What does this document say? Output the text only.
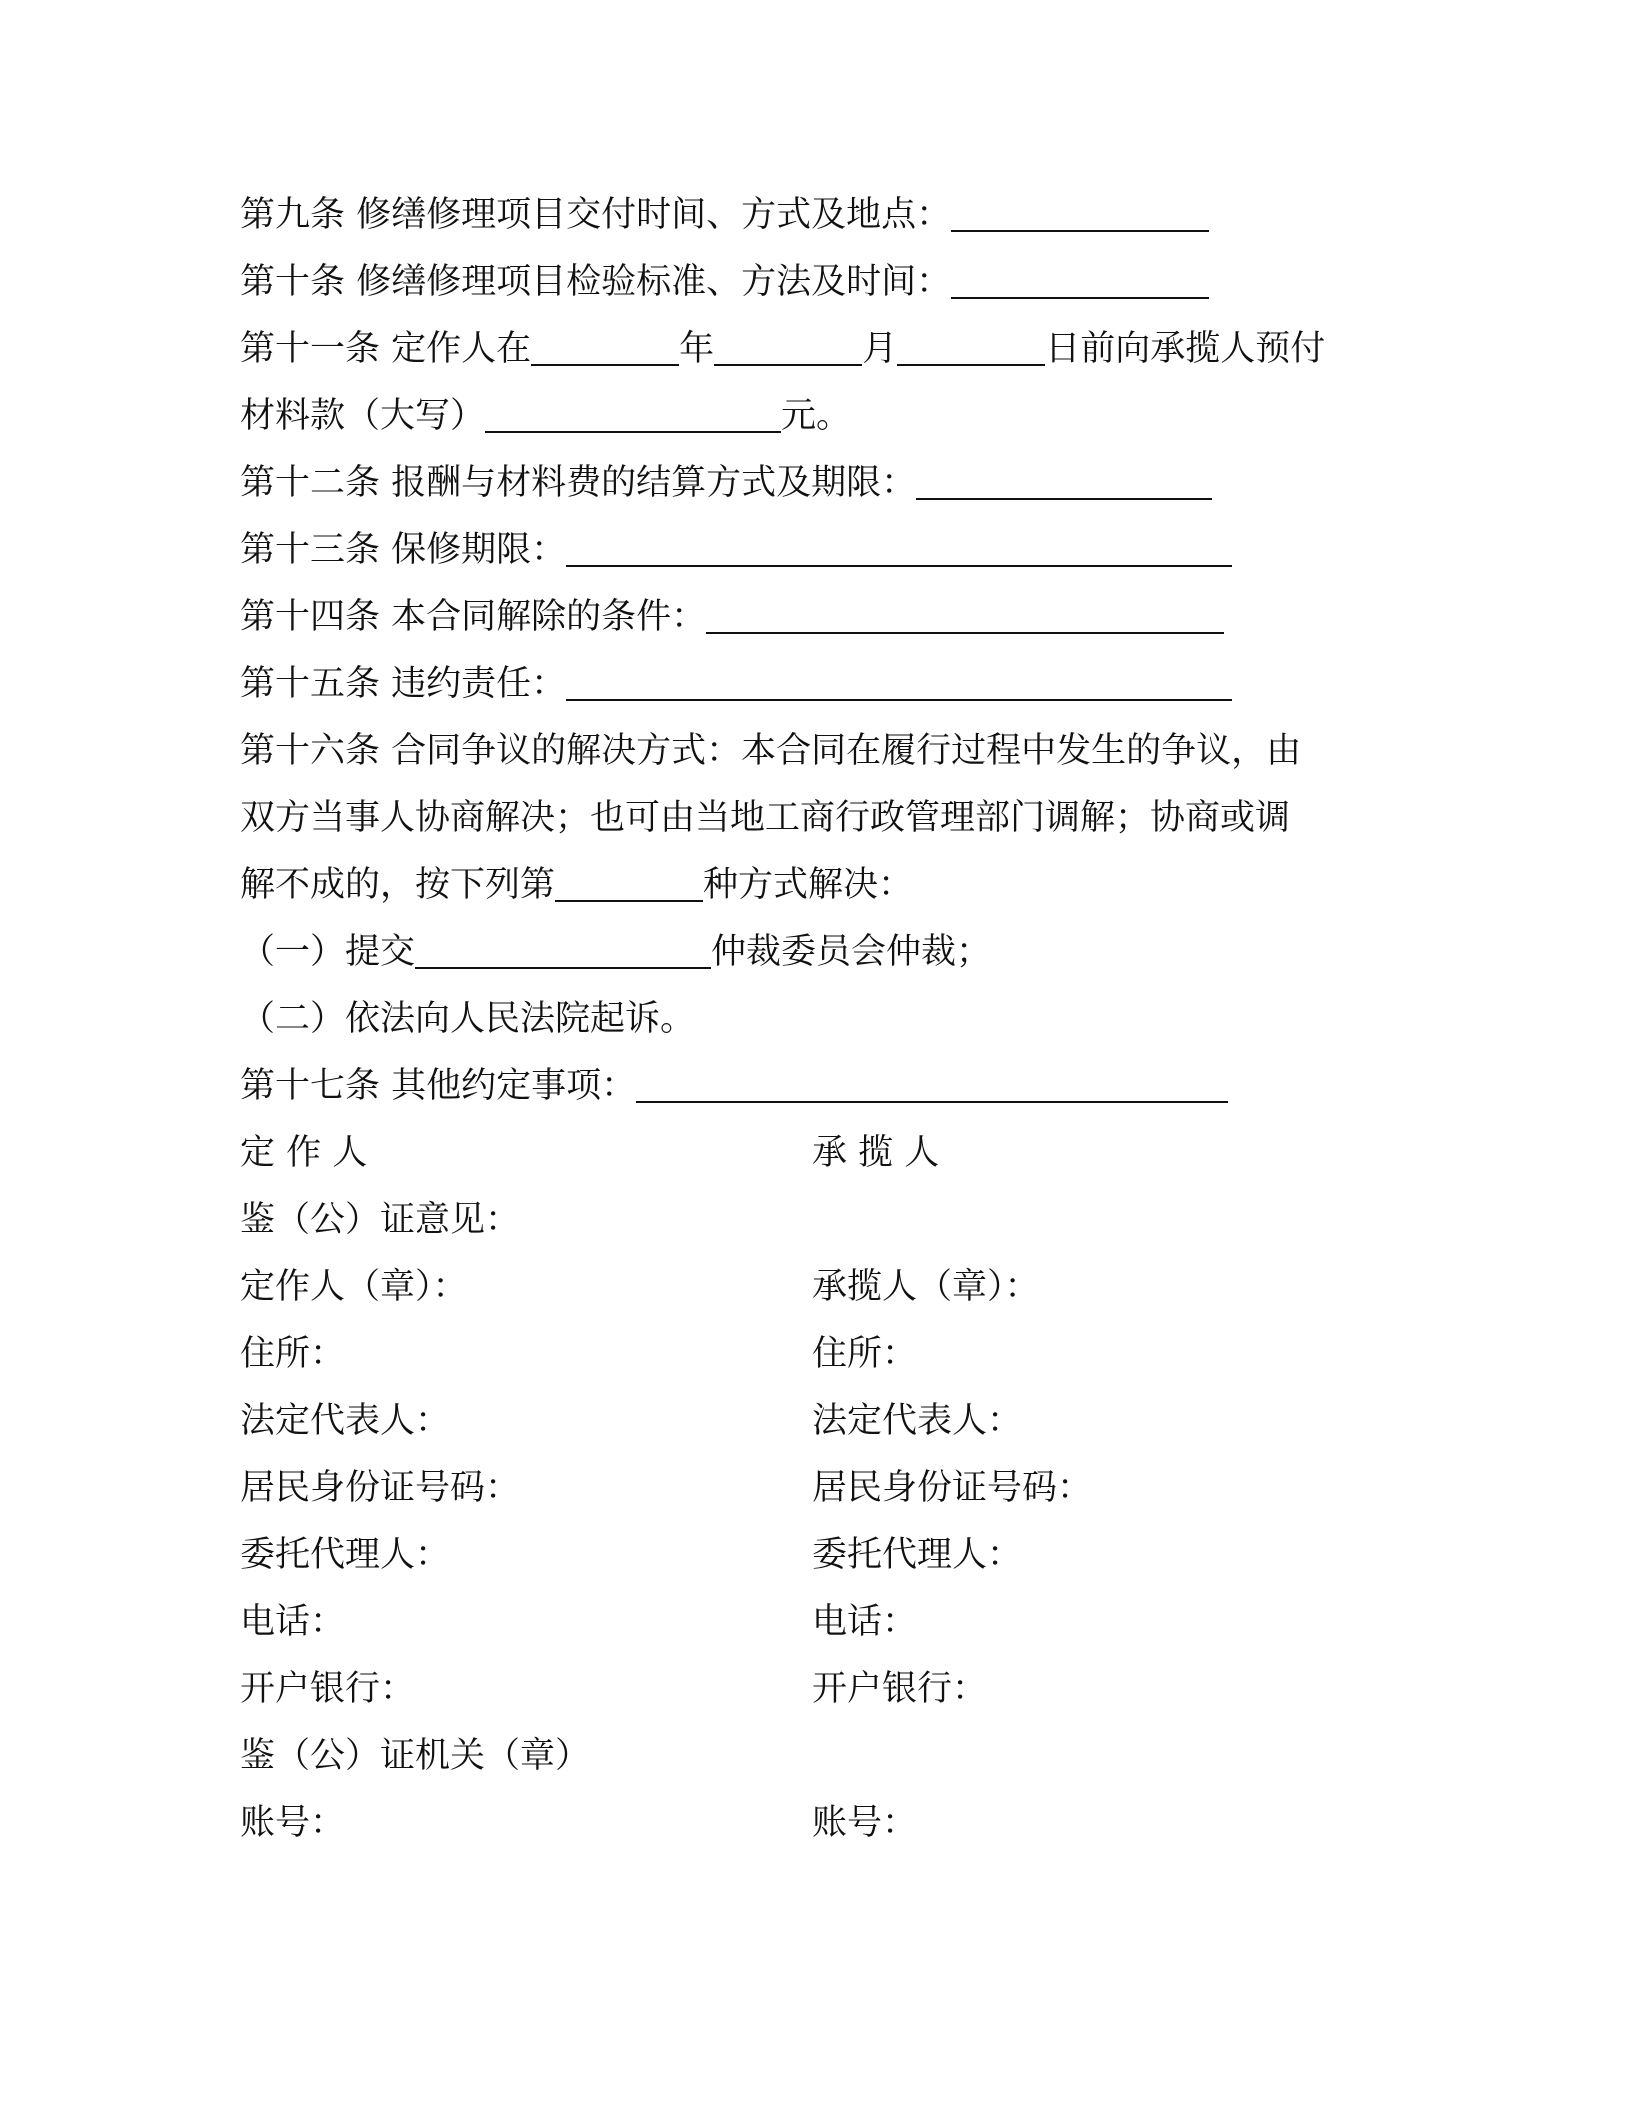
第九条 修缮修理项目交付时间、方式及地点：
第十条 修缮修理项目检验标准、方法及时间：
第十一条 定作人在	年	月	日前向承揽人预付
材料款（大写）	元。
第十二条 报酬与材料费的结算方式及期限：
第十三条 保修期限：
第十四条 本合同解除的条件：
第十五条 违约责任：
第十六条 合同争议的解决方式：本合同在履行过程中发生的争议，由
双方当事人协商解决；也可由当地工商行政管理部门调解；协商或调
解不成的，按下列第	种方式解决：
（一）提交	仲裁委员会仲裁；
（二）依法向人民法院起诉。
第十七条 其他约定事项：
定 作 人	承 揽 人
鉴（公）证意见：
定作人（章）：	承揽人（章）：
住所：	住所：
法定代表人：	法定代表人：
居民身份证号码：	居民身份证号码：
委托代理人：	委托代理人：
电话：	电话：
开户银行：	开户银行：
鉴（公）证机关（章）
账号：	账号：
